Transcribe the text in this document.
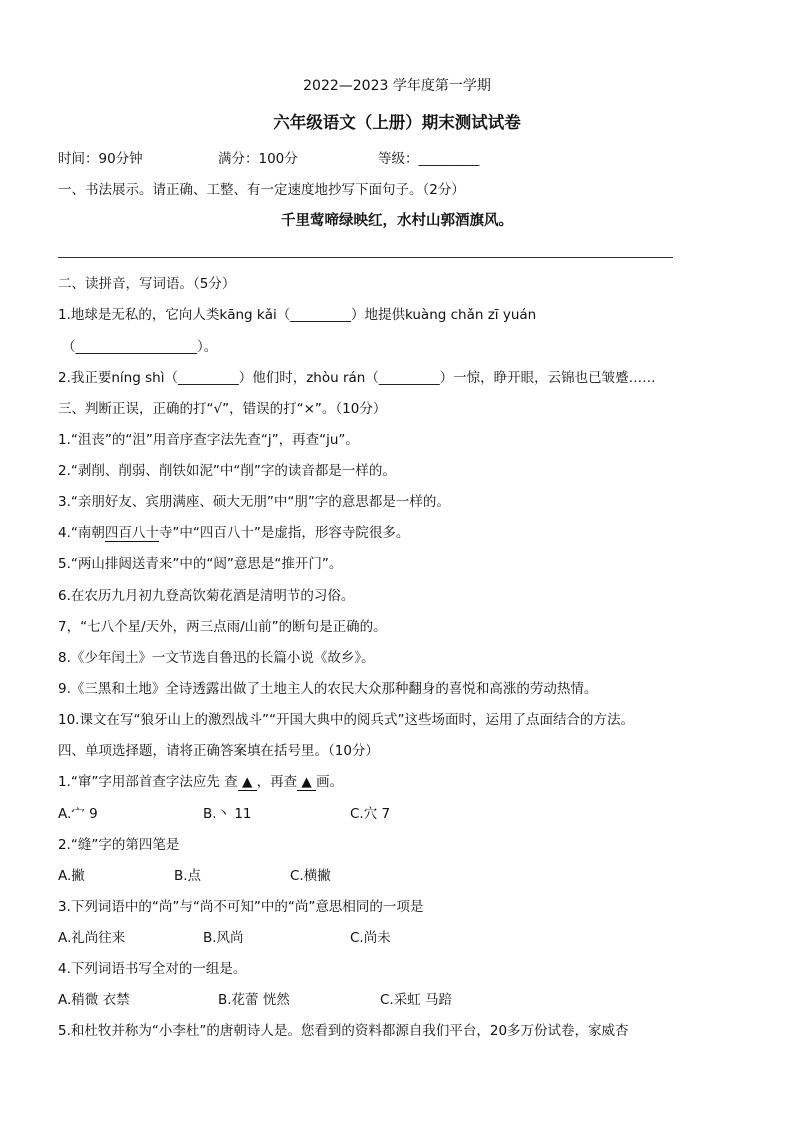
2022—2023 学年度第一学期
六年级语文（上册）期末测试试卷
时间：90分钟	满分：100分	等级：_________
一、书法展示。请正确、工整、有一定速度地抄写下面句子。（2分）
千里莺啼绿映红，水村山郭酒旗风。
二、读拼音，写词语。（5分）
1.地球是无私的，它向人类kāng kǎi（_________）地提供kuàng chǎn zī yuán
（__________________）。
2.我正要níng shì（_________）他们时，zhòu rán（_________）一惊，睁开眼，云锦也已皱蹙……
三、判断正误，正确的打“√”，错误的打“×”。（10分）
1.“沮丧”的“沮”用音序查字法先查“j”，再查“ju”。
2.“剥削、削弱、削铁如泥”中“削”字的读音都是一样的。
3.“亲朋好友、宾朋满座、硕大无朋”中“朋”字的意思都是一样的。
4.“南朝四百八十寺”中“四百八十”是虚指，形容寺院很多。
5.“两山排闼送青来”中的“闼”意思是“推开门”。
6.在农历九月初九登高饮菊花酒是清明节的习俗。
7，“七八个星/天外，两三点雨/山前”的断句是正确的。
8.《少年闰土》一文节选自鲁迅的长篇小说《故乡》。
9.《三黑和土地》全诗透露出做了土地主人的农民大众那种翻身的喜悦和高涨的劳动热情。
10.课文在写“狼牙山上的激烈战斗”“开国大典中的阅兵式”这些场面时，运用了点面结合的方法。
四、单项选择题，请将正确答案填在括号里。（10分）
1.“窜”字用部首查字法应先 查 ▲ ，再查 ▲ 画。
A.宀 9	B.丶 11	C.穴 7
2.“缝”字的第四笔是
A.撇	B.点	C.横撇
3.下列词语中的“尚”与“尚不可知”中的“尚”意思相同的一项是
A.礼尚往来	B.风尚	C.尚未
4.下列词语书写全对的一组是。
A.稍微 衣禁	B.花蕾 恍然	C.采虹 马踣
5.和杜牧并称为“小李杜”的唐朝诗人是。您看到的资料都源自我们平台，20多万份试卷，家威杏
